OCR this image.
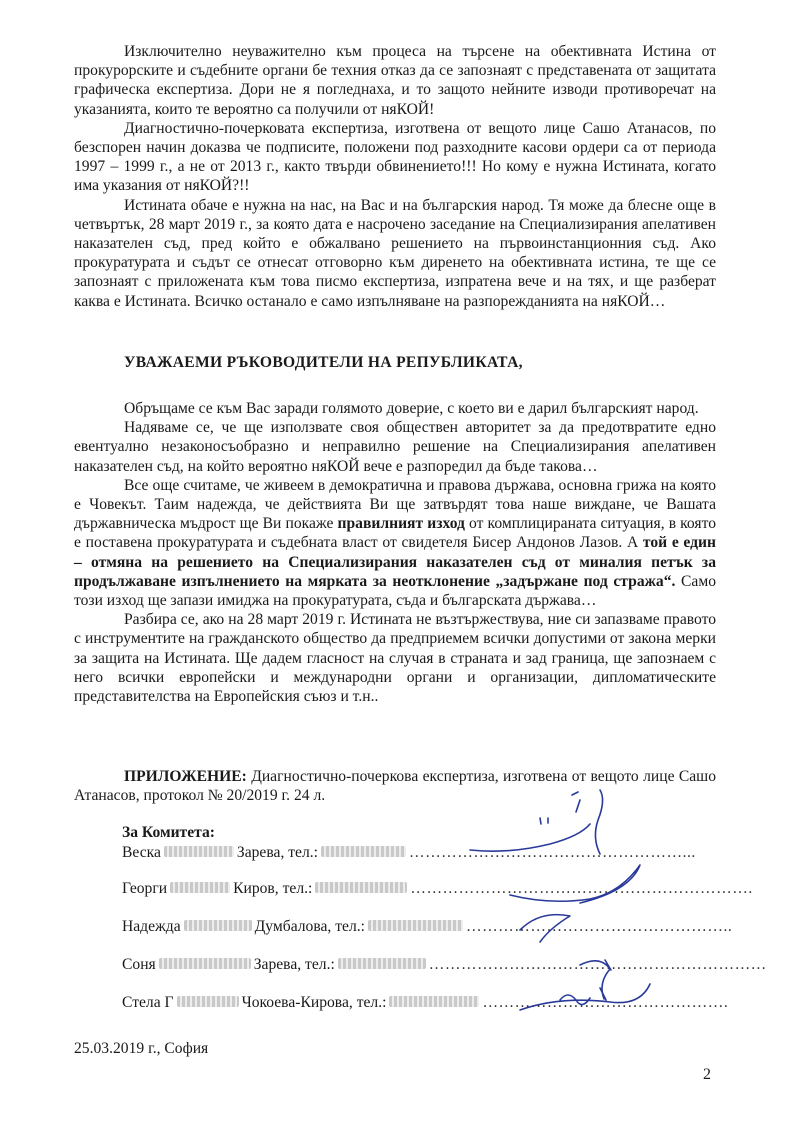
Изключително неуважително към процеса на търсене на обективната Истина от прокурорските и съдебните органи бе техния отказ да се запознаят с представената от защитата графическа експертиза. Дори не я погледнаха, и то защото нейните изводи противоречат на указанията, които те вероятно са получили от няКОЙ!

Диагностично-почерковата експертиза, изготвена от вещото лице Сашо Атанасов, по безспорен начин доказва че подписите, положени под разходните касови ордери са от периода 1997 – 1999 г., а не от 2013 г., както твърди обвинението!!! Но кому е нужна Истината, когато има указания от няКОЙ?!!

Истината обаче е нужна на нас, на Вас и на българския народ. Тя може да блесне още в четвъртък, 28 март 2019 г., за която дата е насрочено заседание на Специализирания апелативен наказателен съд, пред който е обжалвано решението на първоинстанционния съд. Ако прокуратурата и съдът се отнесат отговорно към диренето на обективната истина, те ще се запознаят с приложената към това писмо експертиза, изпратена вече и на тях, и ще разберат каква е Истината. Всичко останало е само изпълняване на разпорежданията на няКОЙ…

УВАЖАЕМИ РЪКОВОДИТЕЛИ НА РЕПУБЛИКАТА,

Обръщаме се към Вас заради голямото доверие, с което ви е дарил българският народ.

Надяваме се, че ще използвате своя обществен авторитет за да предотвратите едно евентуално незаконосъобразно и неправилно решение на Специализирания апелативен наказателен съд, на който вероятно няКОЙ вече е разпоредил да бъде такова…

Все още считаме, че живеем в демократична и правова държава, основна грижа на която е Човекът. Таим надежда, че действията Ви ще затвърдят това наше виждане, че Вашата държавническа мъдрост ще Ви покаже правилният изход от комплицираната ситуация, в която е поставена прокуратурата и съдебната власт от свидетеля Бисер Андонов Лазов. А той е един – отмяна на решението на Специализирания наказателен съд от миналия петък за продължаване изпълнението на мярката за неотклонение „задържане под стража“. Само този изход ще запази имиджа на прокуратурата, съда и българската държава…

Разбира се, ако на 28 март 2019 г. Истината не възтържествува, ние си запазваме правото с инструментите на гражданското общество да предприемем всички допустими от закона мерки за защита на Истината. Ще дадем гласност на случая в страната и зад граница, ще запознаем с него всички европейски и международни органи и организации, дипломатическите представителства на Европейския съюз и т.н..

ПРИЛОЖЕНИЕ: Диагностично-почеркова експертиза, изготвена от вещото лице Сашо Атанасов, протокол № 20/2019 г. 24 л.

За Комитета:
Веска	Зарева , тел.:	……………………………………………...
Георги	Киров , тел.:	……………………………………………………….
Надежда	Думбалова , тел.:	…………………………………………..
Соня	Зарева , тел.:	………………………………………………………
Стела Г	Чокоева-Кирова , тел.:	……………………………………….
25.03.2019 г., София
2
